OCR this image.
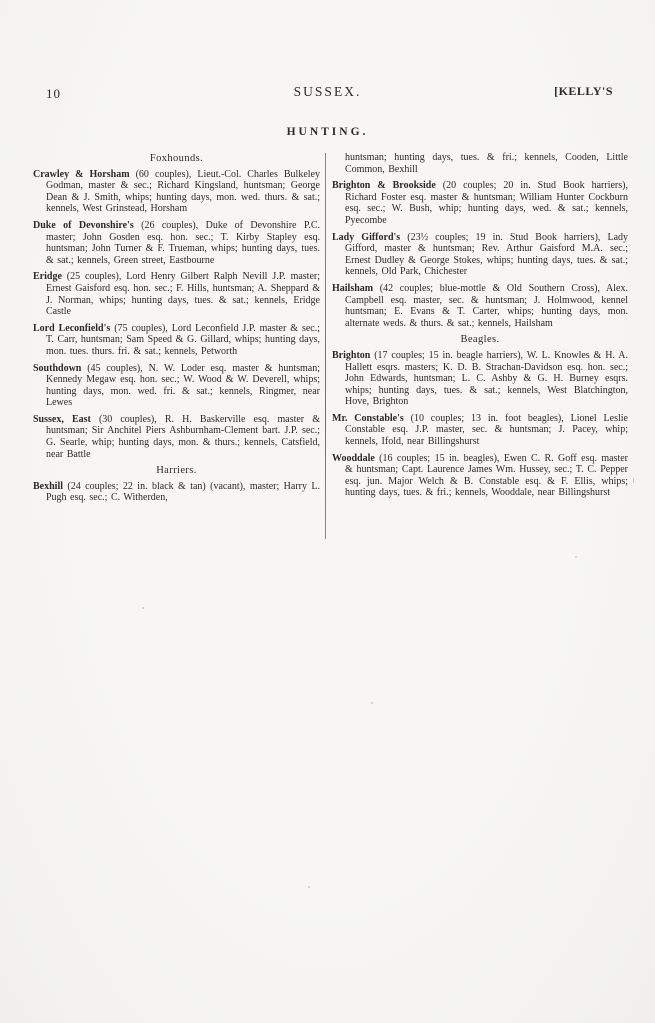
10	SUSSEX.	[KELLY'S
HUNTING.

Foxhounds.

Crawley & Horsham (60 couples), Lieut.-Col. Charles Bulkeley Godman, master & sec.; Richard Kingsland, huntsman; George Dean & J. Smith, whips; hunting days, mon. wed. thurs. & sat.; kennels, West Grinstead, Horsham

Duke of Devonshire's (26 couples), Duke of Devonshire P.C. master; John Gosden esq. hon. sec.; T. Kirby Stapley esq. huntsman; John Turner & F. Trueman, whips; hunting days, tues. & sat.; kennels, Green street, Eastbourne

Eridge (25 couples), Lord Henry Gilbert Ralph Nevill J.P. master; Ernest Gaisford esq. hon. sec.; F. Hills, huntsman; A. Sheppard & J. Norman, whips; hunting days, tues. & sat.; kennels, Eridge Castle

Lord Leconfield's (75 couples), Lord Leconfield J.P. master & sec.; T. Carr, huntsman; Sam Speed & G. Gillard, whips; hunting days, mon. tues. thurs. fri. & sat.; kennels, Petworth

Southdown (45 couples), N. W. Loder esq. master & huntsman; Kennedy Megaw esq. hon. sec.; W. Wood & W. Deverell, whips; hunting days, mon. wed. fri. & sat.; kennels, Ringmer, near Lewes

Sussex, East (30 couples), R. H. Baskerville esq. master & huntsman; Sir Anchitel Piers Ashburnham-Clement bart. J.P. sec.; G. Searle, whip; hunting days, mon. & thurs.; kennels, Catsfield, near Battle

Harriers.

Bexhill (24 couples; 22 in. black & tan) (vacant), master; Harry L. Pugh esq. sec.; C. Witherden,

huntsman; hunting days, tues. & fri.; kennels, Cooden, Little Common, Bexhill

Brighton & Brookside (20 couples; 20 in. Stud Book harriers), Richard Foster esq. master & huntsman; William Hunter Cockburn esq. sec.; W. Bush, whip; hunting days, wed. & sat.; kennels, Pyecombe

Lady Gifford's (23½ couples; 19 in. Stud Book harriers), Lady Gifford, master & huntsman; Rev. Arthur Gaisford M.A. sec.; Ernest Dudley & George Stokes, whips; hunting days, tues. & sat.; kennels, Old Park, Chichester

Hailsham (42 couples; blue-mottle & Old Southern Cross), Alex. Campbell esq. master, sec. & huntsman; J. Holmwood, kennel huntsman; E. Evans & T. Carter, whips; hunting days, mon. alternate weds. & thurs. & sat.; kennels, Hailsham

Beagles.

Brighton (17 couples; 15 in. beagle harriers), W. L. Knowles & H. A. Hallett esqrs. masters; K. D. B. Strachan-Davidson esq. hon. sec.; John Edwards, huntsman; L. C. Ashby & G. H. Burney esqrs. whips; hunting days, tues. & sat.; kennels, West Blatchington, Hove, Brighton

Mr. Constable's (10 couples; 13 in. foot beagles), Lionel Leslie Constable esq. J.P. master, sec. & huntsman; J. Pacey, whip; kennels, Ifold, near Billingshurst

Wooddale (16 couples; 15 in. beagles), Ewen C. R. Goff esq. master & huntsman; Capt. Laurence James Wm. Hussey, sec.; T. C. Pepper esq. jun. Major Welch & B. Constable esq. & F. Ellis, whips; hunting days, tues. & fri.; kennels, Wooddale, near Billingshurst
